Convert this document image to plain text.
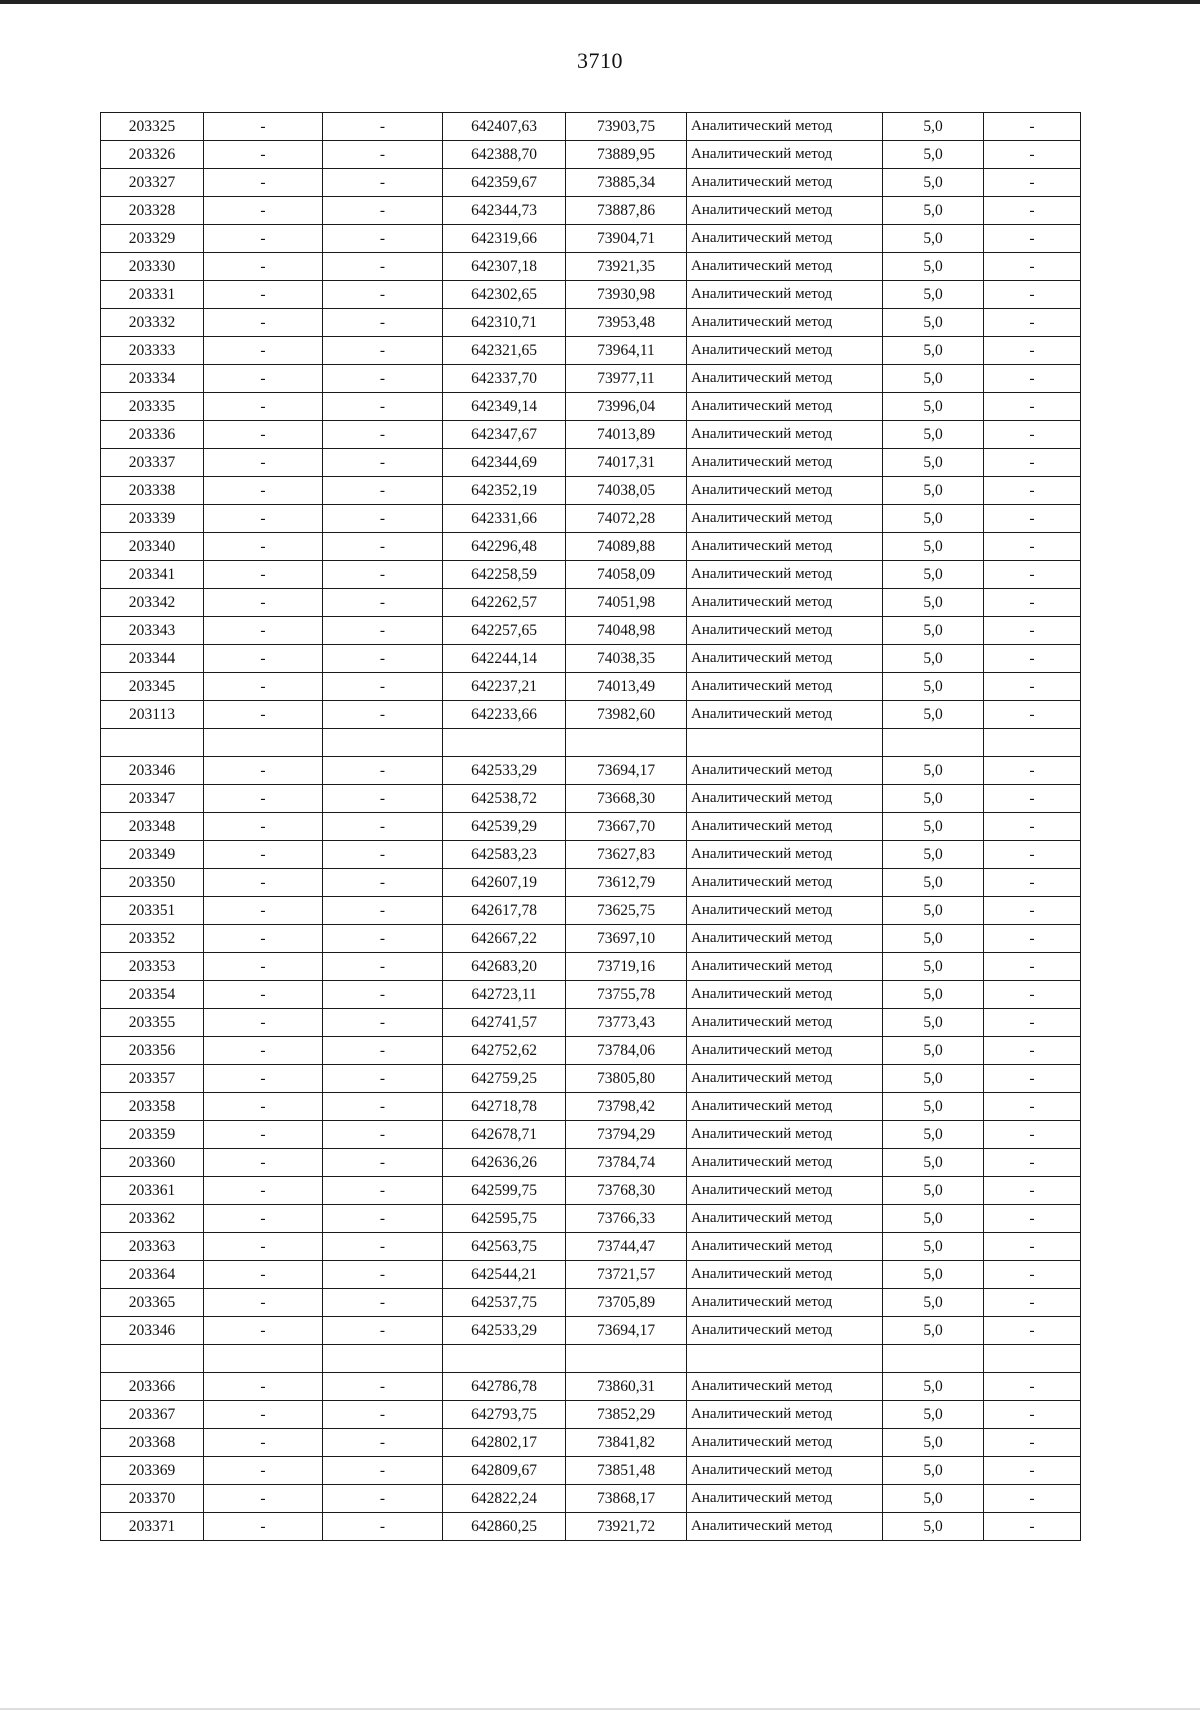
3710
203325	-	-	642407,63	73903,75	Аналитический метод	5,0	-
203326	-	-	642388,70	73889,95	Аналитический метод	5,0	-
203327	-	-	642359,67	73885,34	Аналитический метод	5,0	-
203328	-	-	642344,73	73887,86	Аналитический метод	5,0	-
203329	-	-	642319,66	73904,71	Аналитический метод	5,0	-
203330	-	-	642307,18	73921,35	Аналитический метод	5,0	-
203331	-	-	642302,65	73930,98	Аналитический метод	5,0	-
203332	-	-	642310,71	73953,48	Аналитический метод	5,0	-
203333	-	-	642321,65	73964,11	Аналитический метод	5,0	-
203334	-	-	642337,70	73977,11	Аналитический метод	5,0	-
203335	-	-	642349,14	73996,04	Аналитический метод	5,0	-
203336	-	-	642347,67	74013,89	Аналитический метод	5,0	-
203337	-	-	642344,69	74017,31	Аналитический метод	5,0	-
203338	-	-	642352,19	74038,05	Аналитический метод	5,0	-
203339	-	-	642331,66	74072,28	Аналитический метод	5,0	-
203340	-	-	642296,48	74089,88	Аналитический метод	5,0	-
203341	-	-	642258,59	74058,09	Аналитический метод	5,0	-
203342	-	-	642262,57	74051,98	Аналитический метод	5,0	-
203343	-	-	642257,65	74048,98	Аналитический метод	5,0	-
203344	-	-	642244,14	74038,35	Аналитический метод	5,0	-
203345	-	-	642237,21	74013,49	Аналитический метод	5,0	-
203113	-	-	642233,66	73982,60	Аналитический метод	5,0	-

203346	-	-	642533,29	73694,17	Аналитический метод	5,0	-
203347	-	-	642538,72	73668,30	Аналитический метод	5,0	-
203348	-	-	642539,29	73667,70	Аналитический метод	5,0	-
203349	-	-	642583,23	73627,83	Аналитический метод	5,0	-
203350	-	-	642607,19	73612,79	Аналитический метод	5,0	-
203351	-	-	642617,78	73625,75	Аналитический метод	5,0	-
203352	-	-	642667,22	73697,10	Аналитический метод	5,0	-
203353	-	-	642683,20	73719,16	Аналитический метод	5,0	-
203354	-	-	642723,11	73755,78	Аналитический метод	5,0	-
203355	-	-	642741,57	73773,43	Аналитический метод	5,0	-
203356	-	-	642752,62	73784,06	Аналитический метод	5,0	-
203357	-	-	642759,25	73805,80	Аналитический метод	5,0	-
203358	-	-	642718,78	73798,42	Аналитический метод	5,0	-
203359	-	-	642678,71	73794,29	Аналитический метод	5,0	-
203360	-	-	642636,26	73784,74	Аналитический метод	5,0	-
203361	-	-	642599,75	73768,30	Аналитический метод	5,0	-
203362	-	-	642595,75	73766,33	Аналитический метод	5,0	-
203363	-	-	642563,75	73744,47	Аналитический метод	5,0	-
203364	-	-	642544,21	73721,57	Аналитический метод	5,0	-
203365	-	-	642537,75	73705,89	Аналитический метод	5,0	-
203346	-	-	642533,29	73694,17	Аналитический метод	5,0	-

203366	-	-	642786,78	73860,31	Аналитический метод	5,0	-
203367	-	-	642793,75	73852,29	Аналитический метод	5,0	-
203368	-	-	642802,17	73841,82	Аналитический метод	5,0	-
203369	-	-	642809,67	73851,48	Аналитический метод	5,0	-
203370	-	-	642822,24	73868,17	Аналитический метод	5,0	-
203371	-	-	642860,25	73921,72	Аналитический метод	5,0	-
